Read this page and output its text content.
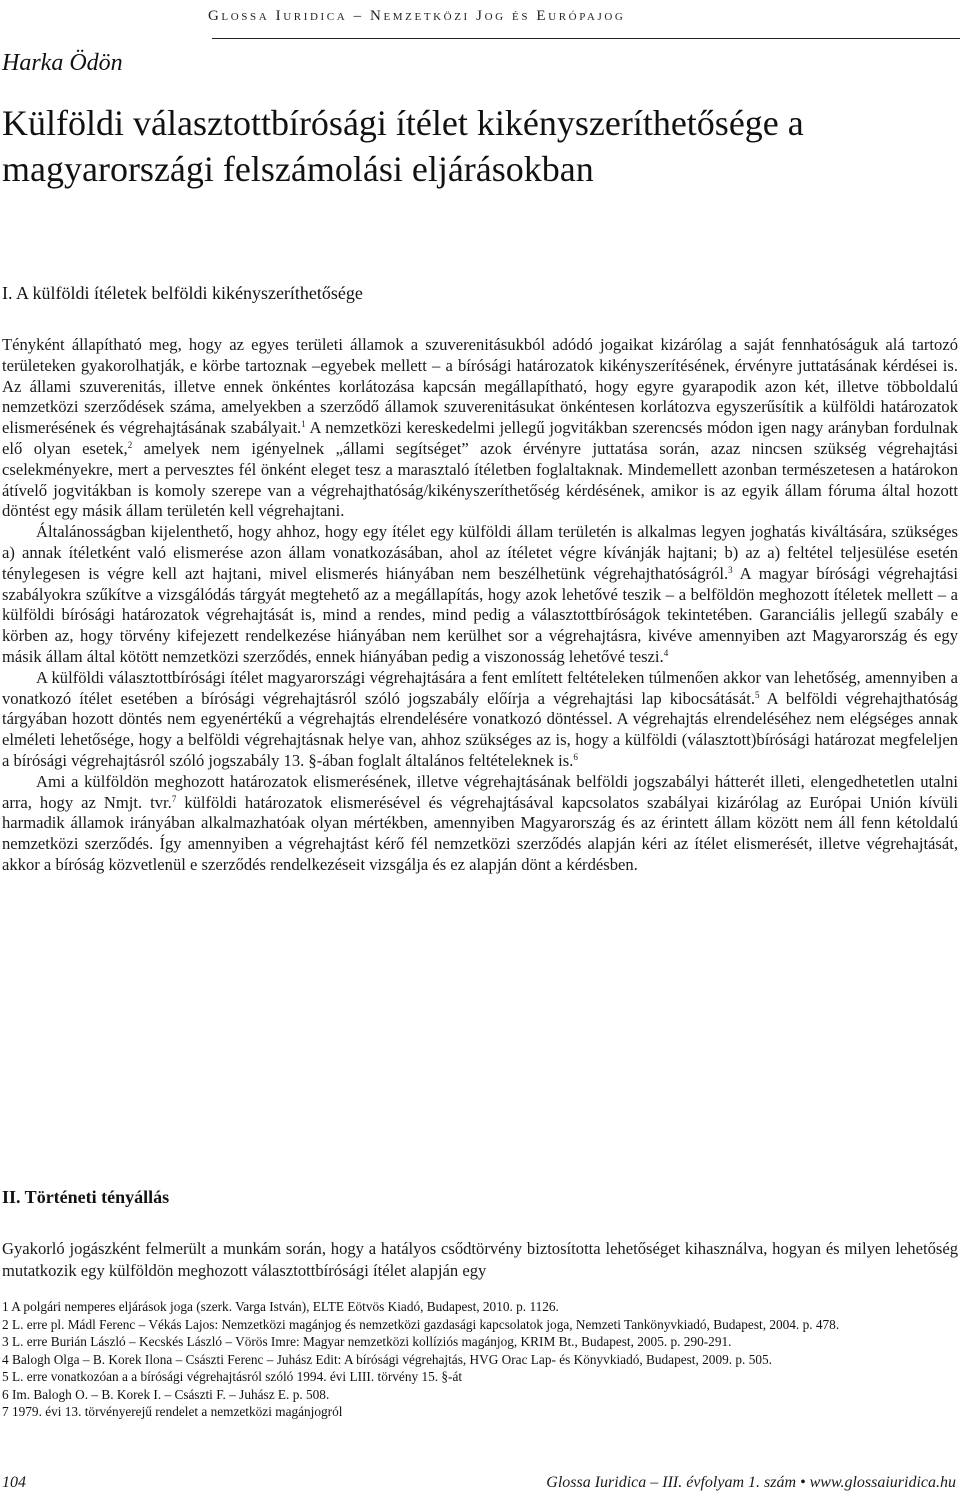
Glossa Iuridica – Nemzetközi Jog és Európajog
Harka Ödön
Külföldi választottbírósági ítélet kikényszeríthetősége a magyarországi felszámolási eljárásokban
I. A külföldi ítéletek belföldi kikényszeríthetősége

Tényként állapítható meg, hogy az egyes területi államok a szuverenitásukból adódó jogaikat kizárólag a saját fennhatóságuk alá tartozó területeken gyakorolhatják, e körbe tartoznak –egyebek mellett – a bírósági határozatok kikényszerítésének, érvényre juttatásának kérdései is. Az állami szuverenitás, illetve ennek önkéntes korlátozása kapcsán megállapítható, hogy egyre gyarapodik azon két, illetve többoldalú nemzetközi szerződések száma, amelyekben a szerződő államok szuverenitásukat önkéntesen korlátozva egyszerűsítik a külföldi határozatok elismerésének és végrehajtásának szabályait.$^1$ A nemzetközi kereskedelmi jellegű jogvitákban szerencsés módon igen nagy arányban fordulnak elő olyan esetek,$^2$ amelyek nem igényelnek „állami segítséget” azok érvényre juttatása során, azaz nincsen szükség végrehajtási cselekményekre, mert a pervesztes fél önként eleget tesz a marasztaló ítéletben foglaltaknak. Mindemellett azonban természetesen a határokon átívelő jogvitákban is komoly szerepe van a végrehajthatóság/kikényszeríthetőség kérdésének, amikor is az egyik állam fóruma által hozott döntést egy másik állam területén kell végrehajtani.

Általánosságban kijelenthető, hogy ahhoz, hogy egy ítélet egy külföldi állam területén is alkalmas legyen joghatás kiváltására, szükséges a) annak ítéletként való elismerése azon állam vonatkozásában, ahol az ítéletet végre kívánják hajtani; b) az a) feltétel teljesülése esetén ténylegesen is végre kell azt hajtani, mivel elismerés hiányában nem beszélhetünk végrehajthatóságról.$^3$ A magyar bírósági végrehajtási szabályokra szűkítve a vizsgálódás tárgyát megtehető az a megállapítás, hogy azok lehetővé teszik – a belföldön meghozott ítéletek mellett – a külföldi bírósági határozatok végrehajtását is, mind a rendes, mind pedig a választottbíróságok tekintetében. Garanciális jellegű szabály e körben az, hogy törvény kifejezett rendelkezése hiányában nem kerülhet sor a végrehajtásra, kivéve amennyiben azt Magyarország és egy másik állam által kötött nemzetközi szerződés, ennek hiányában pedig a viszonosság lehetővé teszi.$^4$

A külföldi választottbírósági ítélet magyarországi végrehajtására a fent említett feltételeken túlmenően akkor van lehetőség, amennyiben a vonatkozó ítélet esetében a bírósági végrehajtásról szóló jogszabály előírja a végrehajtási lap kibocsátását.$^5$ A belföldi végrehajthatóság tárgyában hozott döntés nem egyenértékű a végrehajtás elrendelésére vonatkozó döntéssel. A végrehajtás elrendeléséhez nem elégséges annak elméleti lehetősége, hogy a belföldi végrehajtásnak helye van, ahhoz szükséges az is, hogy a külföldi (választott)bírósági határozat megfeleljen a bírósági végrehajtásról szóló jogszabály 13. §-ában foglalt általános feltételeknek is.$^6$

Ami a külföldön meghozott határozatok elismerésének, illetve végrehajtásának belföldi jogszabályi hátterét illeti, elengedhetetlen utalni arra, hogy az Nmjt. tvr.$^7$ külföldi határozatok elismerésével és végrehajtásával kapcsolatos szabályai kizárólag az Európai Unión kívüli harmadik államok irányában alkalmazhatóak olyan mértékben, amennyiben Magyarország és az érintett állam között nem áll fenn kétoldalú nemzetközi szerződés. Így amennyiben a végrehajtást kérő fél nemzetközi szerződés alapján kéri az ítélet elismerését, illetve végrehajtását, akkor a bíróság közvetlenül e szerződés rendelkezéseit vizsgálja és ez alapján dönt a kérdésben.

II. Történeti tényállás

Gyakorló jogászként felmerült a munkám során, hogy a hatályos csődtörvény biztosította lehetőséget kihasználva, hogyan és milyen lehetőség mutatkozik egy külföldön meghozott választottbírósági ítélet alapján egy

1 A polgári nemperes eljárások joga (szerk. Varga István), ELTE Eötvös Kiadó, Budapest, 2010. p. 1126.

2 L. erre pl. Mádl Ferenc – Vékás Lajos: Nemzetközi magánjog és nemzetközi gazdasági kapcsolatok joga, Nemzeti Tankönyvkiadó, Budapest, 2004. p. 478.

3 L. erre Burián László – Kecskés László – Vörös Imre: Magyar nemzetközi kollíziós magánjog, KRIM Bt., Budapest, 2005. p. 290-291.

4 Balogh Olga – B. Korek Ilona – Császti Ferenc – Juhász Edit: A bírósági végrehajtás, HVG Orac Lap- és Könyvkiadó, Budapest, 2009. p. 505.

5 L. erre vonatkozóan a a bírósági végrehajtásról szóló 1994. évi LIII. törvény 15. §-át

6 Im. Balogh O. – B. Korek I. – Császti F. – Juhász E. p. 508.

7 1979. évi 13. törvényerejű rendelet a nemzetközi magánjogról

104	Glossa Iuridica – III. évfolyam 1. szám • www.glossaiuridica.hu
